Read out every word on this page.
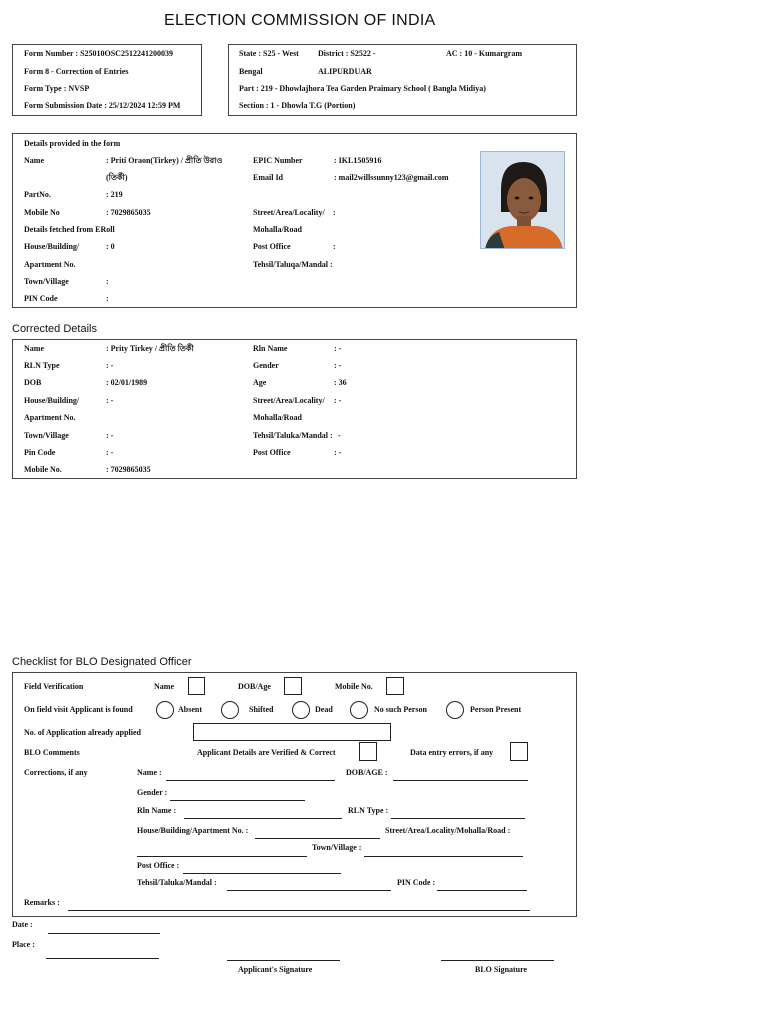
ELECTION COMMISSION OF INDIA
Form Number : S25010OSC2512241200039
Form 8 - Correction of Entries
Form Type : NVSP
Form Submission Date : 25/12/2024 12:59 PM
State : S25 - West
Bengal
District : S2522 -
ALIPURDUAR
AC : 10 - Kumargram
Part : 219 - Dhowlajhora Tea Garden Praimary School ( Bangla Midiya)
Section : 1 - Dhowla T.G (Portion)
Details provided in the form
Name	: Priti Oraon(Tirkey) / প্রীতি উরাও
(তির্কী)
EPIC Number	: IKL1505916
Email Id	: mail2willssunny123@gmail.com
PartNo.	: 219
Mobile No	: 7029865035	Street/Area/Locality/ :
Details fetched from ERoll	Mohalla/Road
House/Building/	: 0	Post Office	:
Apartment No.	Tehsil/Taluqa/Mandal :
Town/Village	:
PIN Code	:
Corrected Details
Name	: Prity Tirkey / প্রীতি তির্কী	Rln Name	: -
RLN Type	: -	Gender	: -
DOB	: 02/01/1989	Age	: 36
House/Building/	: -	Street/Area/Locality/ : -
Apartment No.	Mohalla/Road
Town/Village	: -	Tehsil/Taluka/Mandal : -
Pin Code	: -	Post Office	: -
Mobile No.	: 7029865035
Checklist for BLO Designated Officer
Field Verification	Name	DOB/Age	Mobile No.
On field visit Applicant is found	Absent	Shifted	Dead	No such Person	Person Present
No. of Application already applied
BLO Comments	Applicant Details are Verified & Correct	Data entry errors, if any
Corrections, if any	Name :	DOB/AGE :
Gender :
Rln Name :	RLN Type :
House/Building/Apartment No. :	Street/Area/Locality/Mohalla/Road :
Town/Village :
Post Office :
Tehsil/Taluka/Mandal :	PIN Code :
Remarks :
Date :
Place :
Applicant's Signature	BLO Signature
